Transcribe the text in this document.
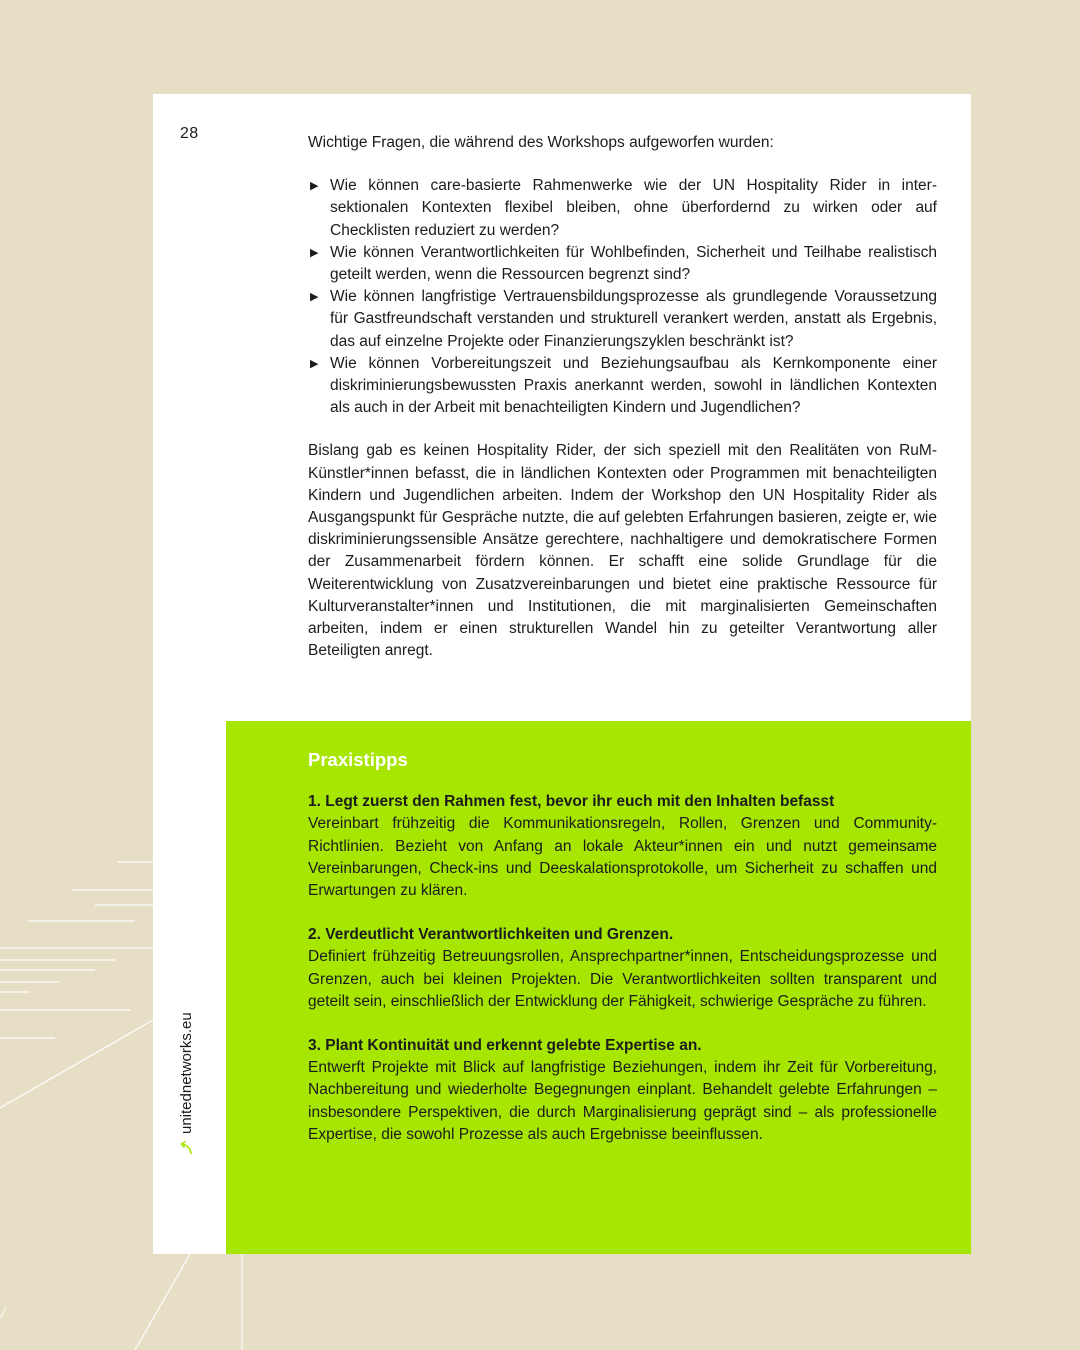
28

Wichtige Fragen, die während des Workshops aufgeworfen wurden:

▶ Wie können care-basierte Rahmenwerke wie der UN Hospitality Rider in intersektionalen Kontexten flexibel bleiben, ohne überfordernd zu wirken oder auf Checklisten reduziert zu werden?
▶ Wie können Verantwortlichkeiten für Wohlbefinden, Sicherheit und Teilhabe realistisch geteilt werden, wenn die Ressourcen begrenzt sind?
▶ Wie können langfristige Vertrauensbildungsprozesse als grundlegende Voraussetzung für Gastfreundschaft verstanden und strukturell verankert werden, anstatt als Ergebnis, das auf einzelne Projekte oder Finanzierungszyklen beschränkt ist?
▶ Wie können Vorbereitungszeit und Beziehungsaufbau als Kernkomponente einer diskriminierungsbewussten Praxis anerkannt werden, sowohl in ländlichen Kontexten als auch in der Arbeit mit benachteiligten Kindern und Jugendlichen?

Bislang gab es keinen Hospitality Rider, der sich speziell mit den Realitäten von RuM-Künstler*innen befasst, die in ländlichen Kontexten oder Programmen mit benachteiligten Kindern und Jugendlichen arbeiten. Indem der Workshop den UN Hospitality Rider als Ausgangspunkt für Gespräche nutzte, die auf gelebten Erfahrungen basieren, zeigte er, wie diskriminierungssensible Ansätze gerechtere, nachhaltigere und demokratischere Formen der Zusammenarbeit fördern können. Er schafft eine solide Grundlage für die Weiterentwicklung von Zusatzvereinbarungen und bietet eine praktische Ressource für Kulturveranstalter*innen und Institutionen, die mit marginalisierten Gemeinschaften arbeiten, indem er einen strukturellen Wandel hin zu geteilter Verantwortung aller Beteiligten anregt.

unitednetworks.eu

Praxistipps

1. Legt zuerst den Rahmen fest, bevor ihr euch mit den Inhalten befasst

Vereinbart frühzeitig die Kommunikationsregeln, Rollen, Grenzen und Community-Richtlinien. Bezieht von Anfang an lokale Akteur*innen ein und nutzt gemeinsame Vereinbarungen, Check-ins und Deeskalationsprotokolle, um Sicherheit zu schaffen und Erwartungen zu klären.

2. Verdeutlicht Verantwortlichkeiten und Grenzen.

Definiert frühzeitig Betreuungsrollen, Ansprechpartner*innen, Entscheidungsprozesse und Grenzen, auch bei kleinen Projekten. Die Verantwortlichkeiten sollten transparent und geteilt sein, einschließlich der Entwicklung der Fähigkeit, schwierige Gespräche zu führen.

3. Plant Kontinuität und erkennt gelebte Expertise an.

Entwerft Projekte mit Blick auf langfristige Beziehungen, indem ihr Zeit für Vorbereitung, Nachbereitung und wiederholte Begegnungen einplant. Behandelt gelebte Erfahrungen – insbesondere Perspektiven, die durch Marginalisierung geprägt sind – als professionelle Expertise, die sowohl Prozesse als auch Ergebnisse beeinflussen.
